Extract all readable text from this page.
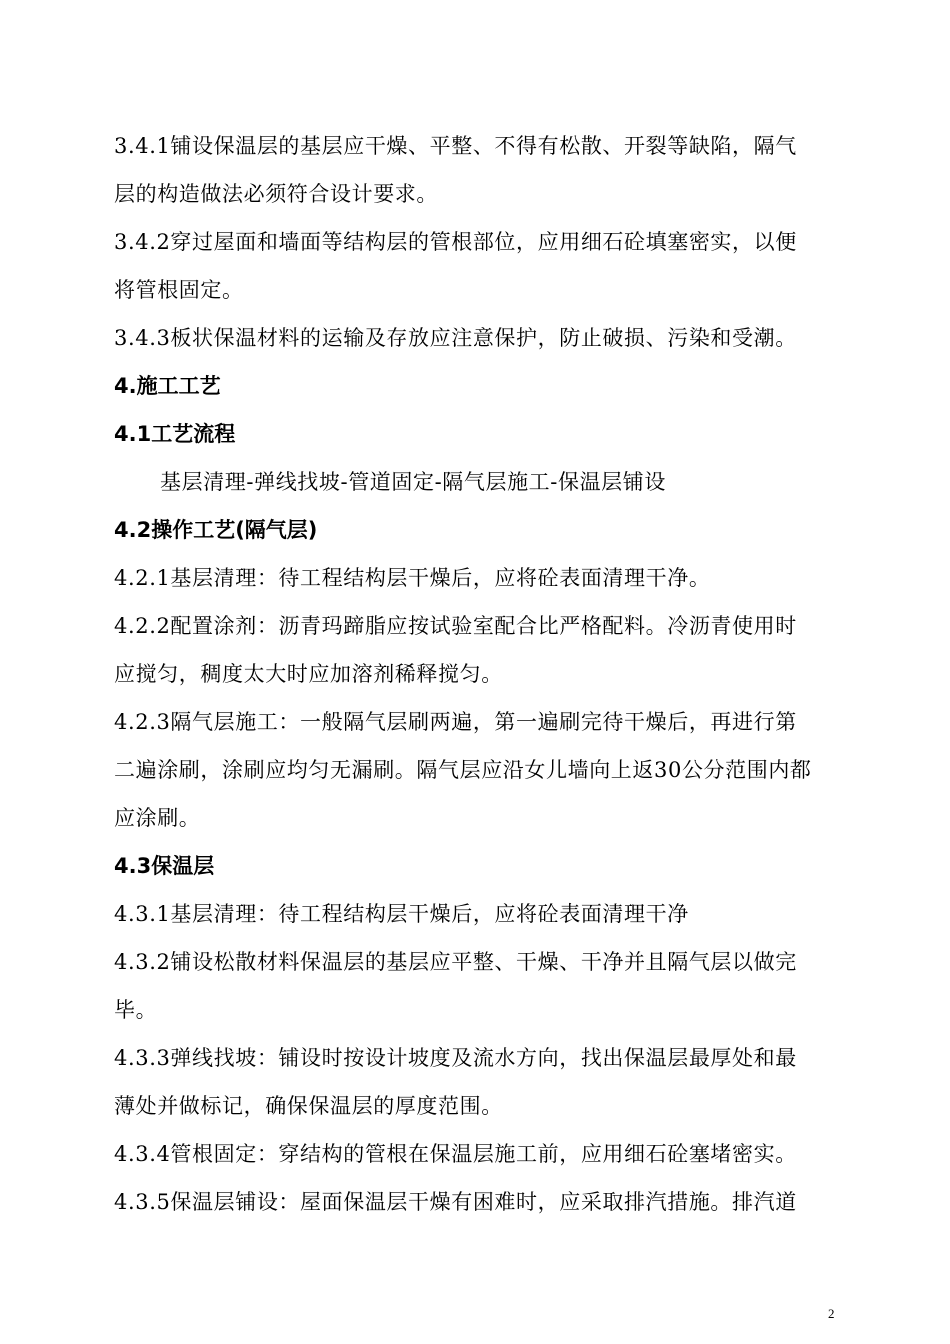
3.4.1铺设保温层的基层应干燥、平整、不得有松散、开裂等缺陷，隔气
层的构造做法必须符合设计要求。
3.4.2穿过屋面和墙面等结构层的管根部位，应用细石砼填塞密实，以便
将管根固定。
3.4.3板状保温材料的运输及存放应注意保护，防止破损、污染和受潮。
4.施工工艺
4.1工艺流程
基层清理-弹线找坡-管道固定-隔气层施工-保温层铺设
4.2操作工艺(隔气层)
4.2.1基层清理：待工程结构层干燥后，应将砼表面清理干净。
4.2.2配置涂剂：沥青玛蹄脂应按试验室配合比严格配料。冷沥青使用时
应搅匀，稠度太大时应加溶剂稀释搅匀。
4.2.3隔气层施工：一般隔气层刷两遍，第一遍刷完待干燥后，再进行第
二遍涂刷，涂刷应均匀无漏刷。隔气层应沿女儿墙向上返30公分范围内都
应涂刷。
4.3保温层
4.3.1基层清理：待工程结构层干燥后，应将砼表面清理干净
4.3.2铺设松散材料保温层的基层应平整、干燥、干净并且隔气层以做完
毕。
4.3.3弹线找坡：铺设时按设计坡度及流水方向，找出保温层最厚处和最
薄处并做标记，确保保温层的厚度范围。
4.3.4管根固定：穿结构的管根在保温层施工前，应用细石砼塞堵密实。
4.3.5保温层铺设：屋面保温层干燥有困难时，应采取排汽措施。排汽道
2
